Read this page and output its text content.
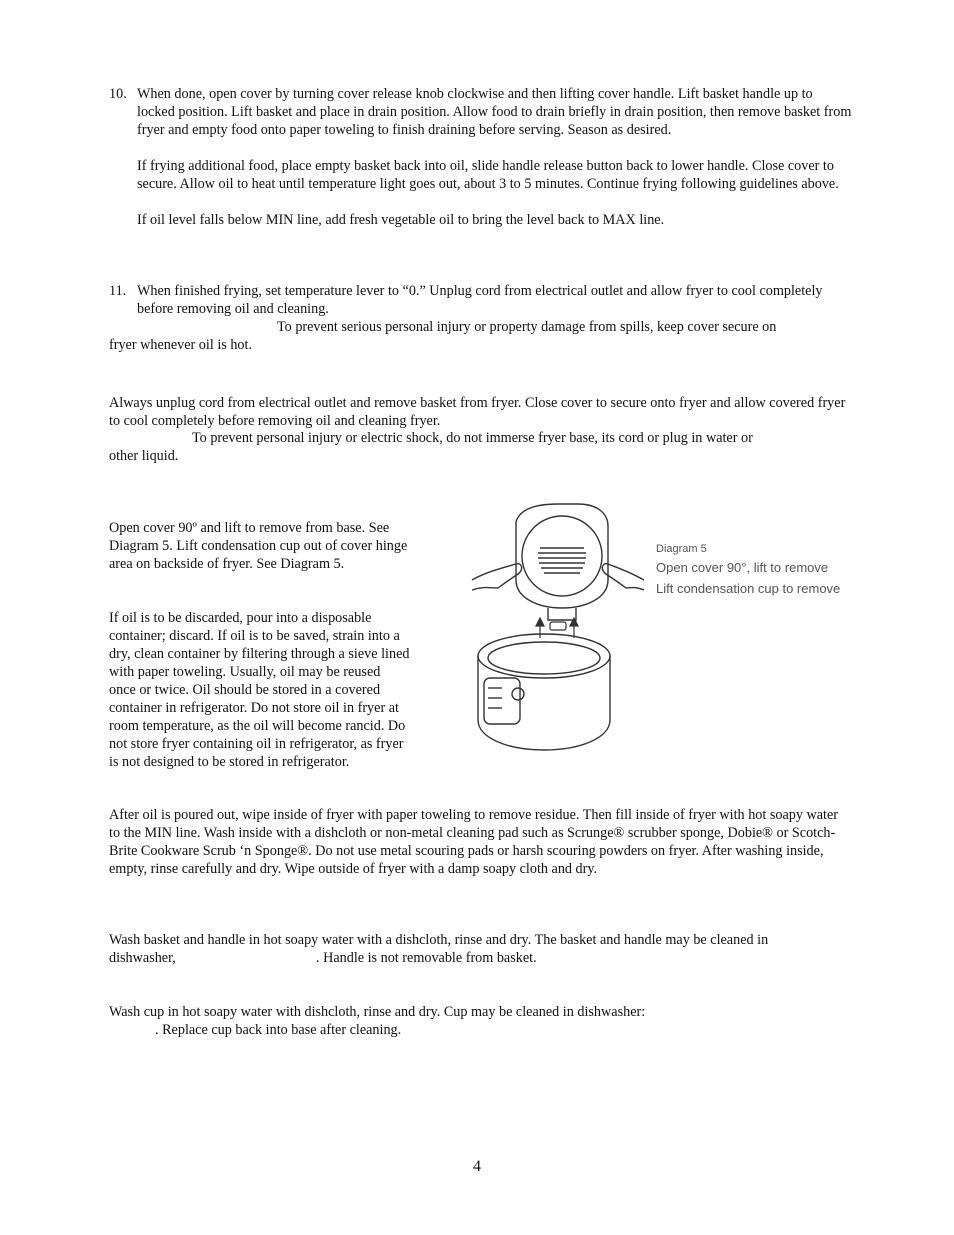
10. When done, open cover by turning cover release knob clockwise and then lifting cover handle. Lift basket handle up to locked position. Lift basket and place in drain position. Allow food to drain briefly in drain position, then remove basket from fryer and empty food onto paper toweling to finish draining before serving. Season as desired.

If frying additional food, place empty basket back into oil, slide handle release button back to lower handle. Close cover to secure. Allow oil to heat until temperature light goes out, about 3 to 5 minutes. Continue frying following guidelines above.

If oil level falls below MIN line, add fresh vegetable oil to bring the level back to MAX line.

11. When finished frying, set temperature lever to “0.” Unplug cord from electrical outlet and allow fryer to cool completely before removing oil and cleaning.

To prevent serious personal injury or property damage from spills, keep cover secure on
fryer whenever oil is hot.

Always unplug cord from electrical outlet and remove basket from fryer. Close cover to secure onto fryer and allow covered fryer to cool completely before removing oil and cleaning fryer.

To prevent personal injury or electric shock, do not immerse fryer base, its cord or plug in water or
other liquid.
Open cover 90º and lift to remove from base. See
Diagram 5. Lift condensation cup out of cover hinge
area on backside of fryer. See Diagram 5.
If oil is to be discarded, pour into a disposable
container; discard. If oil is to be saved, strain into a
dry, clean container by filtering through a sieve lined
with paper toweling. Usually, oil may be reused
once or twice. Oil should be stored in a covered
container in refrigerator. Do not store oil in fryer at
room temperature, as the oil will become rancid. Do
not store fryer containing oil in refrigerator, as fryer
is not designed to be stored in refrigerator.
Diagram 5
Open cover 90°, lift to remove
Lift condensation cup to remove

After oil is poured out, wipe inside of fryer with paper toweling to remove residue. Then fill inside of fryer with hot soapy water to the MIN line. Wash inside with a dishcloth or non-metal cleaning pad such as Scrunge® scrubber sponge, Dobie® or Scotch-Brite Cookware Scrub ‘n Sponge®. Do not use metal scouring pads or harsh scouring powders on fryer. After washing inside, empty, rinse carefully and dry. Wipe outside of fryer with a damp soapy cloth and dry.

Wash basket and handle in hot soapy water with a dishcloth, rinse and dry. The basket and handle may be cleaned in
dishwasher,	. Handle is not removable from basket.
Wash cup in hot soapy water with dishcloth, rinse and dry. Cup may be cleaned in dishwasher:
. Replace cup back into base after cleaning.
4
